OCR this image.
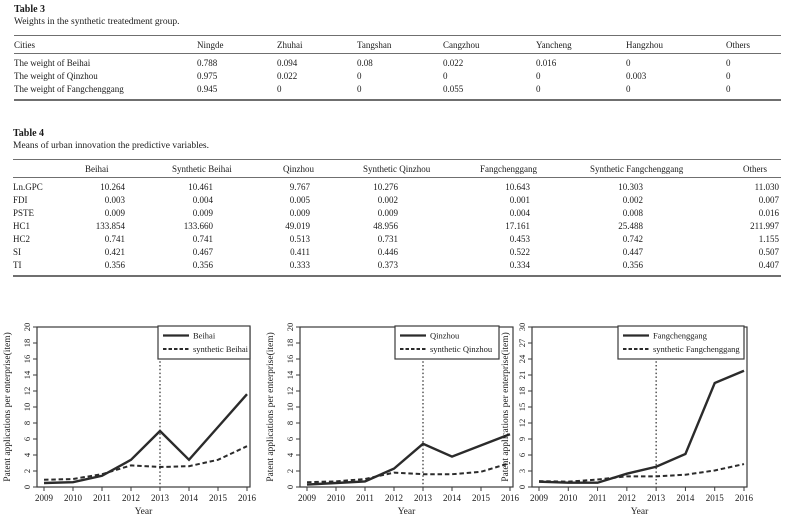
Table 3
Weights in the synthetic treatedment group.
Cities	Ningde	Zhuhai	Tangshan	Cangzhou	Yancheng	Hangzhou	Others
The weight of Beihai	0.788	0.094	0.08	0.022	0.016	0	0
The weight of Qinzhou	0.975	0.022	0	0	0	0.003	0
The weight of Fangchenggang	0.945	0	0	0.055	0	0	0
Table 4
Means of urban innovation the predictive variables.
	Beihai	Synthetic Beihai	Qinzhou	Synthetic Qinzhou	Fangchenggang	Synthetic Fangchenggang	Others
Ln.GPC	10.264	10.461	9.767	10.276	10.643	10.303	11.030
FDI	0.003	0.004	0.005	0.002	0.001	0.002	0.007
PSTE	0.009	0.009	0.009	0.009	0.004	0.008	0.016
HC1	133.854	133.660	49.019	48.956	17.161	25.488	211.997
HC2	0.741	0.741	0.513	0.731	0.453	0.742	1.155
SI	0.421	0.467	0.411	0.446	0.522	0.447	0.507
TI	0.356	0.356	0.333	0.373	0.334	0.356	0.407
0
2
4
6
8
10
12
14
16
18
20
2009 2010 2011 2012 2013 2014 2015 2016
Beihai
synthetic Beihai
Patent applications per enterprise(item)
Year
0
2
4
6
8
10
12
14
16
18
20
2009 2010 2011 2012 2013 2014 2015 2016
Qinzhou
synthetic Qinzhou
Patent applications per enterprise(item)
Year
0
3
6
9
12
15
18
21
24
27
30
2009 2010 2011 2012 2013 2014 2015 2016
Fangchenggang
synthetic Fangchenggang
Patent applications per enterprise(item)
Year
